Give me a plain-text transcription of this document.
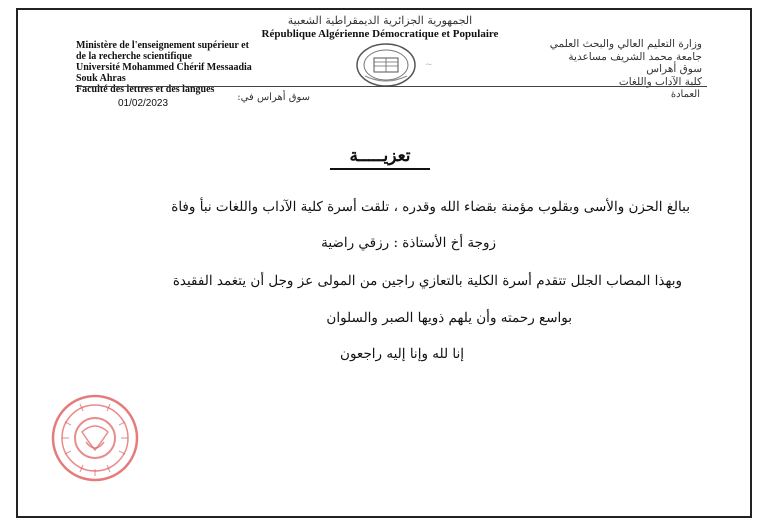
الجمهورية الجزائرية الديمقراطية الشعبية
République Algérienne Démocratique et Populaire
Ministère de l'enseignement supérieur et
de la recherche scientifique
Université Mohammed Chérif Messaadia
Souk Ahras
Faculté des lettres et des langues
~
وزارة التعليم العالي والبحث العلمي
جامعة محمد الشريف مساعدية
سوق أهراس
كلية الآداب واللغات
01/02/2023
سوق أهراس في:	العمادة
تعزيـــــة
ببالغ الحزن والأسى وبقلوب مؤمنة بقضاء الله وقدره ، تلقت أسرة كلية الآداب واللغات نبأ وفاة
زوجة أخ الأستاذة : رزقي راضية
وبهذا المصاب الجلل تتقدم أسرة الكلية بالتعازي راجين من المولى عز وجل أن يتغمد الفقيدة
بواسع رحمته وأن يلهم ذويها الصبر والسلوان
إنا لله وإنا إليه راجعون
